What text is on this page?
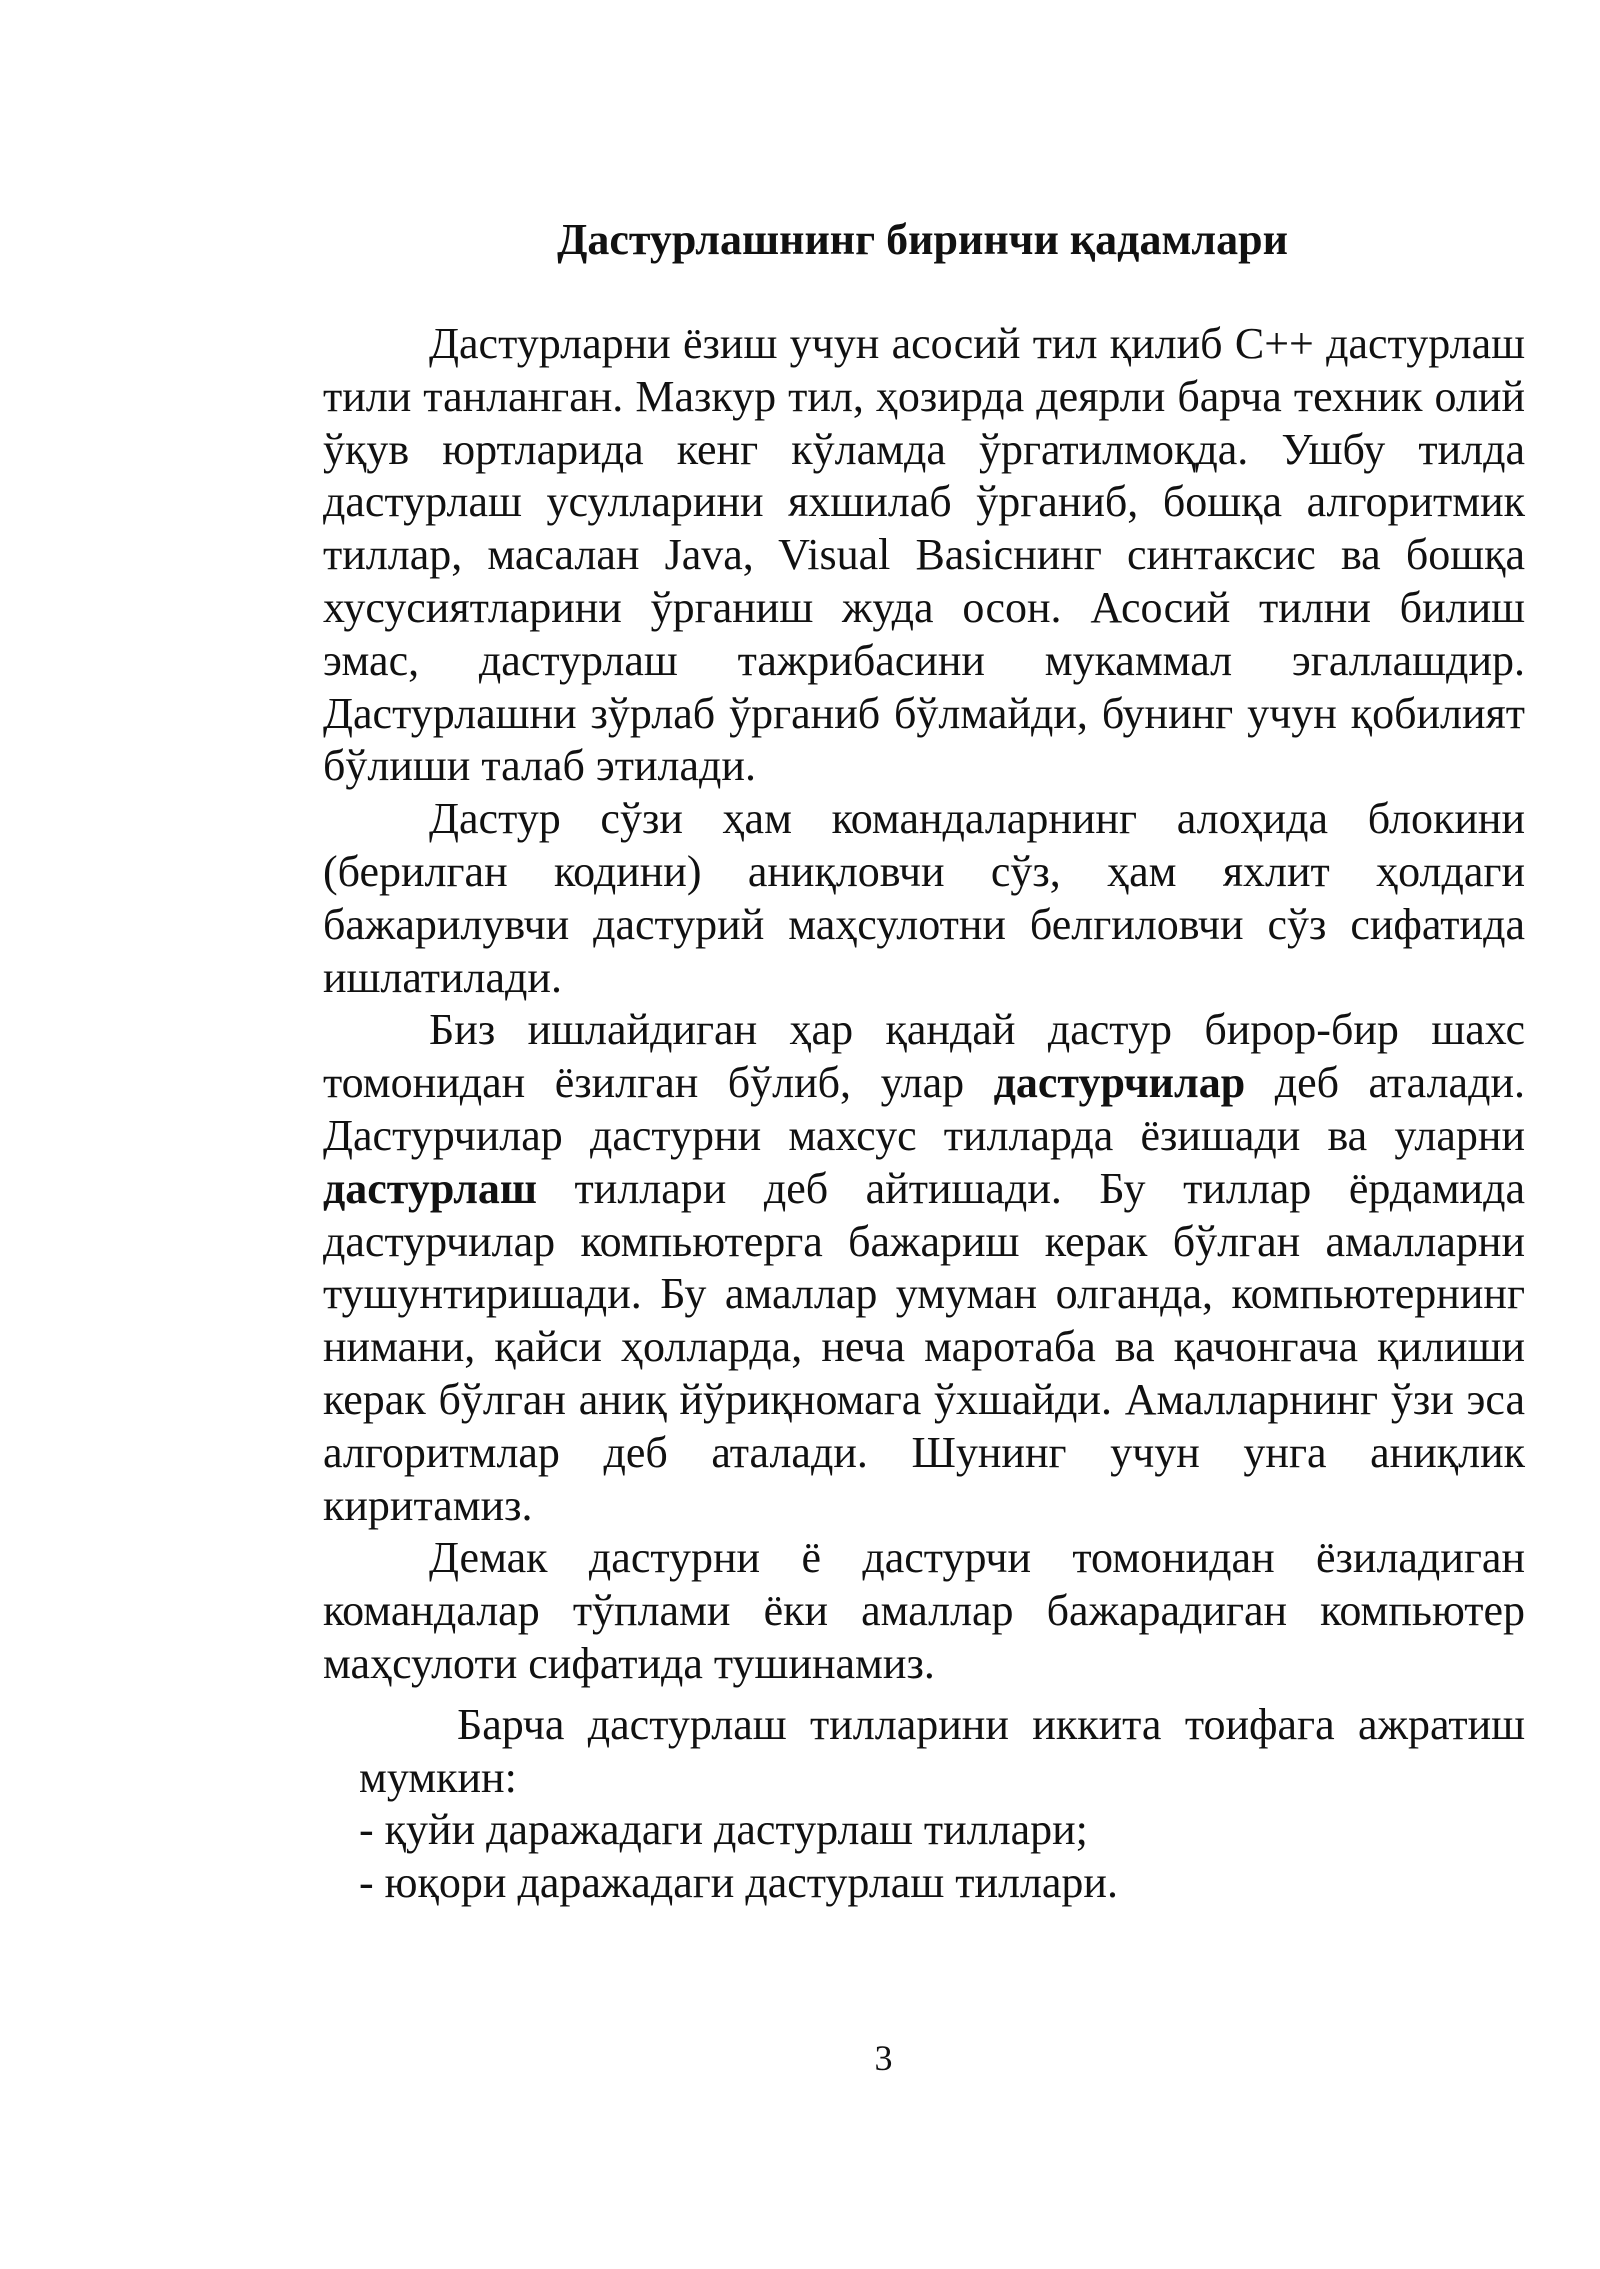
Дастурлашнинг биринчи қадамлари

Дастурларни ёзиш учун асосий тил қилиб С++ дастурлаш тили танланган. Мазкур тил, ҳозирда деярли барча техник олий ўқув юртларида кенг кўламда ўргатилмоқда. Ушбу тилда дастурлаш усулларини яхшилаб ўрганиб, бошқа алгоритмик тиллар, масалан Java, Visual Basicнинг синтаксис ва бошқа хусусиятларини ўрганиш жуда осон. Асосий тилни билиш эмас, дастурлаш тажрибасини мукаммал эгаллашдир. Дастурлашни зўрлаб ўрганиб бўлмайди, бунинг учун қобилият бўлиши талаб этилади.

Дастур сўзи ҳам командаларнинг алоҳида блокини (берилган кодини) аниқловчи сўз, ҳам яхлит ҳолдаги бажарилувчи дастурий маҳсулотни белгиловчи сўз сифатида ишлатилади.

Биз ишлайдиган ҳар қандай дастур бирор-бир шахс томонидан ёзилган бўлиб, улар дастурчилар деб аталади. Дастурчилар дастурни махсус тилларда ёзишади ва уларни дастурлаш тиллари деб айтишади. Бу тиллар ёрдамида дастурчилар компьютерга бажариш керак бўлган амалларни тушунтиришади. Бу амаллар умуман олганда, компьютернинг нимани, қайси ҳолларда, неча маротаба ва қачонгача қилиши керак бўлган аниқ йўриқномага ўхшайди. Амалларнинг ўзи эса алгоритмлар деб аталади. Шунинг учун унга аниқлик киритамиз.

Демак дастурни ё дастурчи томонидан ёзиладиган командалар тўплами ёки амаллар бажарадиган компьютер маҳсулоти сифатида тушинамиз.

Барча дастурлаш тилларини иккита тоифага ажратиш мумкин:

- қуйи даражадаги дастурлаш тиллари;

- юқори даражадаги дастурлаш тиллари.

3
